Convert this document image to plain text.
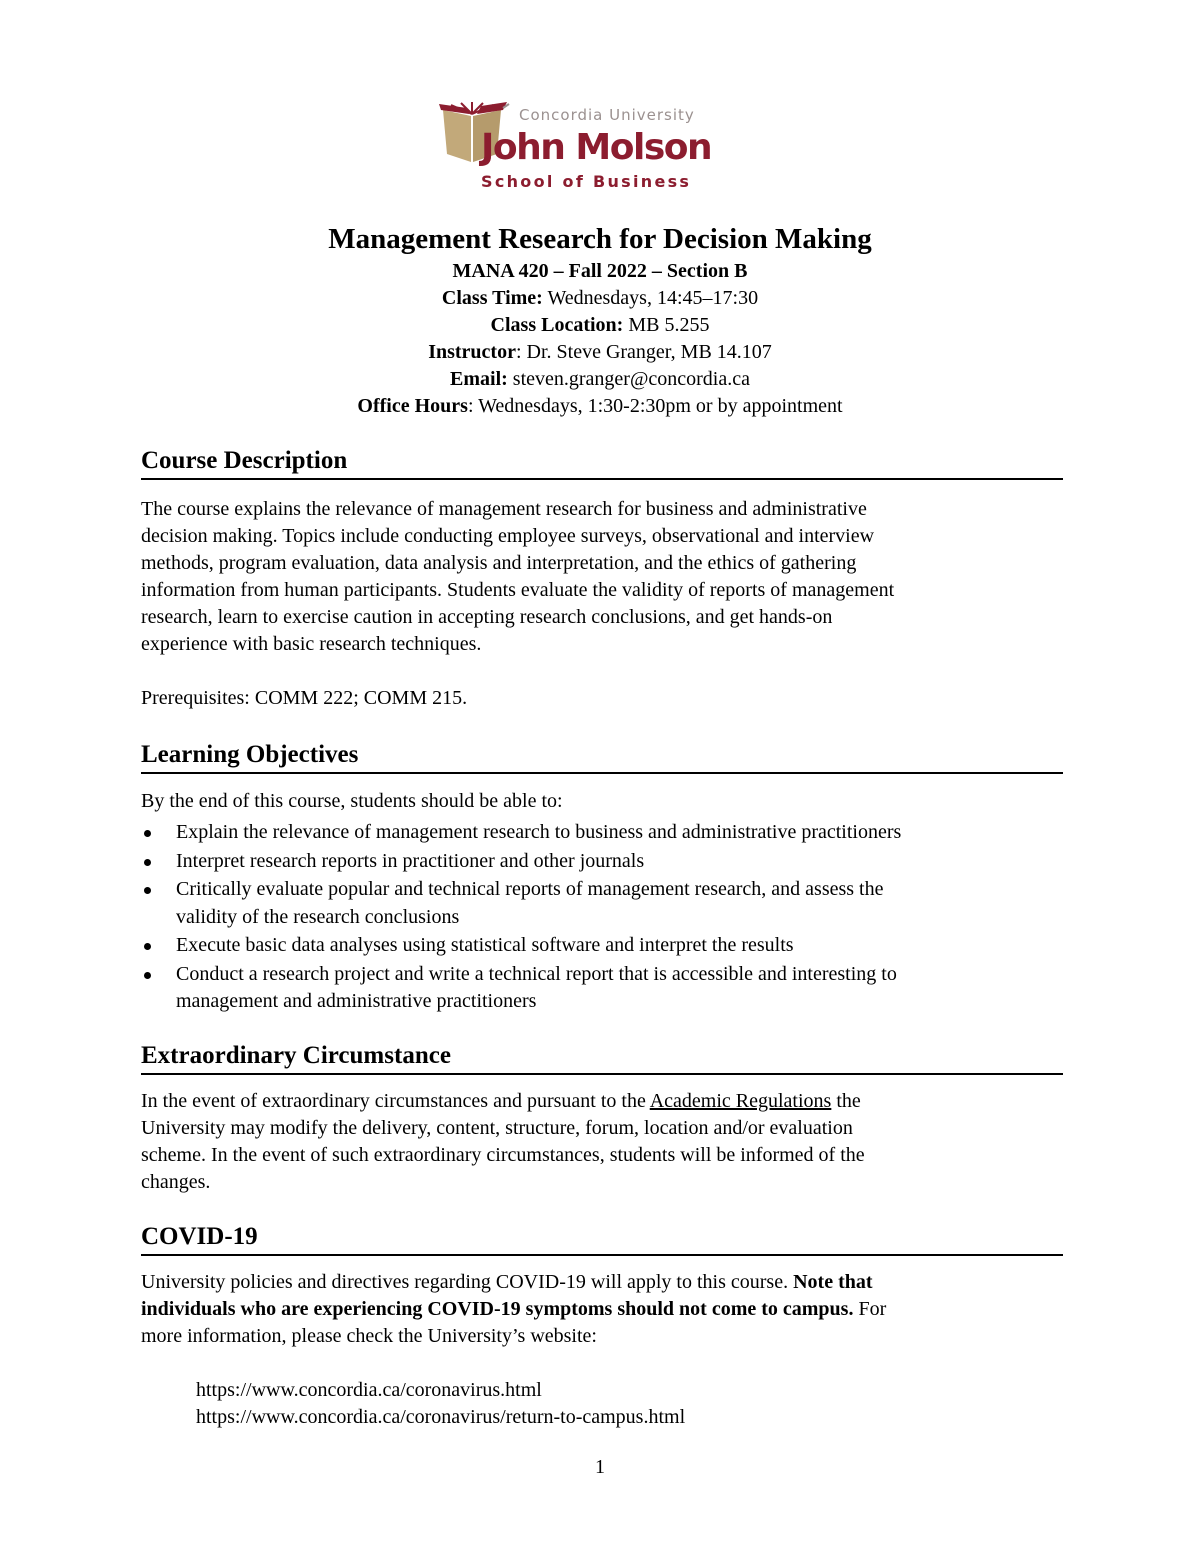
Concordia University
John Molson
School of Business
Management Research for Decision Making
MANA 420 – Fall 2022 – Section B
Class Time: Wednesdays, 14:45–17:30
Class Location: MB 5.255
Instructor: Dr. Steve Granger, MB 14.107
Email: steven.granger@concordia.ca
Office Hours: Wednesdays, 1:30-2:30pm or by appointment
Course Description

The course explains the relevance of management research for business and administrative

decision making. Topics include conducting employee surveys, observational and interview

methods, program evaluation, data analysis and interpretation, and the ethics of gathering

information from human participants. Students evaluate the validity of reports of management

research, learn to exercise caution in accepting research conclusions, and get hands-on

experience with basic research techniques.

Prerequisites: COMM 222; COMM 215.

Learning Objectives

By the end of this course, students should be able to:

Explain the relevance of management research to business and administrative practitioners
Interpret research reports in practitioner and other journals
Critically evaluate popular and technical reports of management research, and assess the
validity of the research conclusions
Execute basic data analyses using statistical software and interpret the results
Conduct a research project and write a technical report that is accessible and interesting to
management and administrative practitioners
Extraordinary Circumstance

In the event of extraordinary circumstances and pursuant to the Academic Regulations the

University may modify the delivery, content, structure, forum, location and/or evaluation

scheme. In the event of such extraordinary circumstances, students will be informed of the

changes.

COVID-19

University policies and directives regarding COVID-19 will apply to this course. Note that

individuals who are experiencing COVID-19 symptoms should not come to campus. For

more information, please check the University’s website:

https://www.concordia.ca/coronavirus.html

https://www.concordia.ca/coronavirus/return-to-campus.html

1
